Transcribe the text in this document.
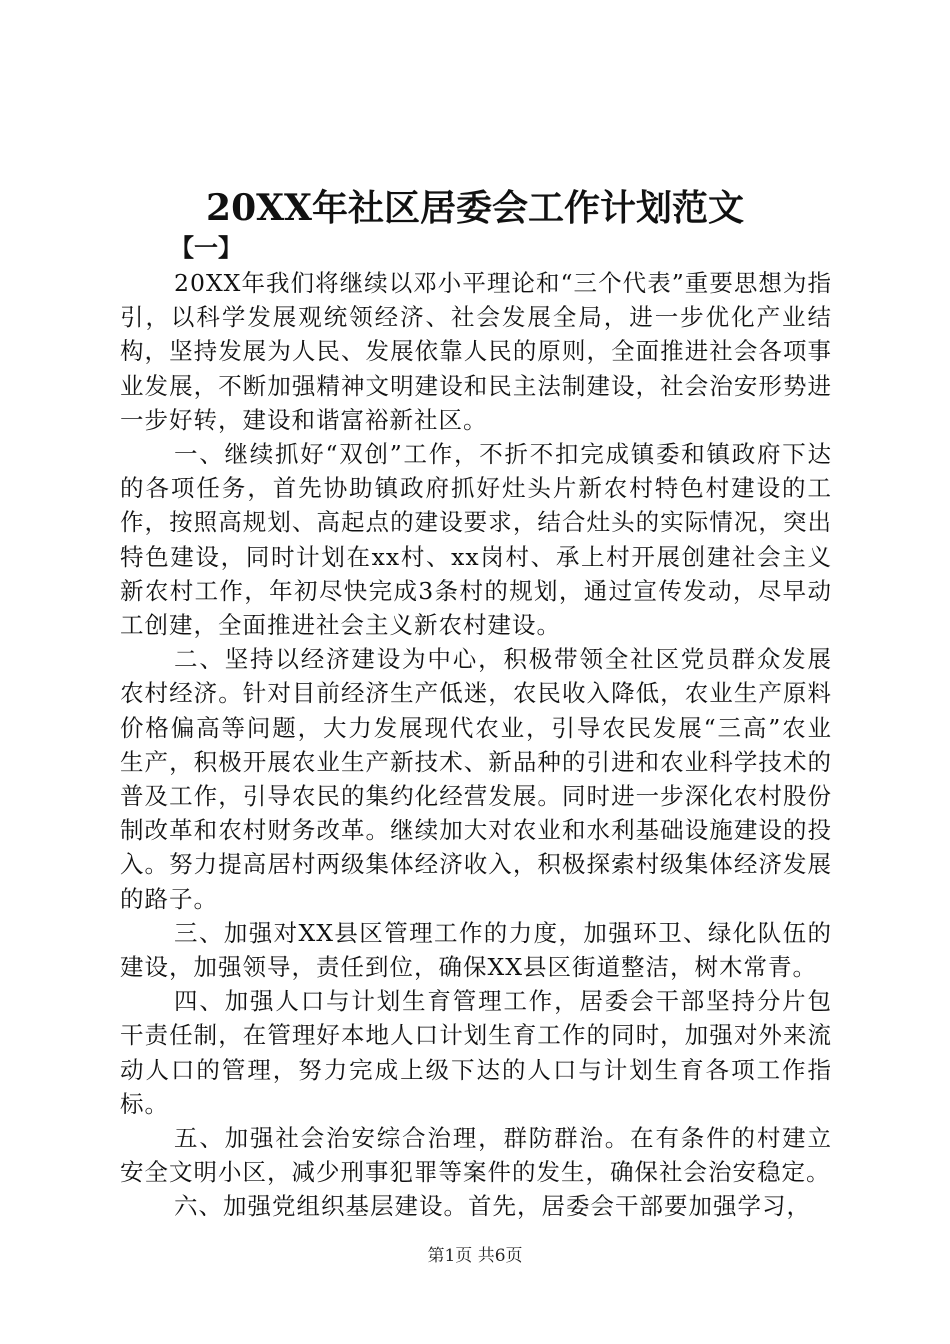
20XX年社区居委会工作计划范文
【一】

20XX年我们将继续以邓小平理论和“三个代表”重要思想为指引，以科学发展观统领经济、社会发展全局，进一步优化产业结构，坚持发展为人民、发展依靠人民的原则，全面推进社会各项事业发展，不断加强精神文明建设和民主法制建设，社会治安形势进一步好转，建设和谐富裕新社区。

一、继续抓好“双创”工作，不折不扣完成镇委和镇政府下达的各项任务，首先协助镇政府抓好灶头片新农村特色村建设的工作，按照高规划、高起点的建设要求，结合灶头的实际情况，突出特色建设，同时计划在xx村、xx岗村、承上村开展创建社会主义新农村工作，年初尽快完成3条村的规划，通过宣传发动，尽早动工创建，全面推进社会主义新农村建设。

二、坚持以经济建设为中心，积极带领全社区党员群众发展农村经济。针对目前经济生产低迷，农民收入降低，农业生产原料价格偏高等问题，大力发展现代农业，引导农民发展“三高”农业生产，积极开展农业生产新技术、新品种的引进和农业科学技术的普及工作，引导农民的集约化经营发展。同时进一步深化农村股份制改革和农村财务改革。继续加大对农业和水利基础设施建设的投入。努力提高居村两级集体经济收入，积极探索村级集体经济发展的路子。

三、加强对XX县区管理工作的力度，加强环卫、绿化队伍的建设，加强领导，责任到位，确保XX县区街道整洁，树木常青。

四、加强人口与计划生育管理工作，居委会干部坚持分片包干责任制，在管理好本地人口计划生育工作的同时，加强对外来流动人口的管理，努力完成上级下达的人口与计划生育各项工作指标。

五、加强社会治安综合治理，群防群治。在有条件的村建立安全文明小区，减少刑事犯罪等案件的发生，确保社会治安稳定。

六、加强党组织基层建设。首先，居委会干部要加强学习，

第1页 共6页
